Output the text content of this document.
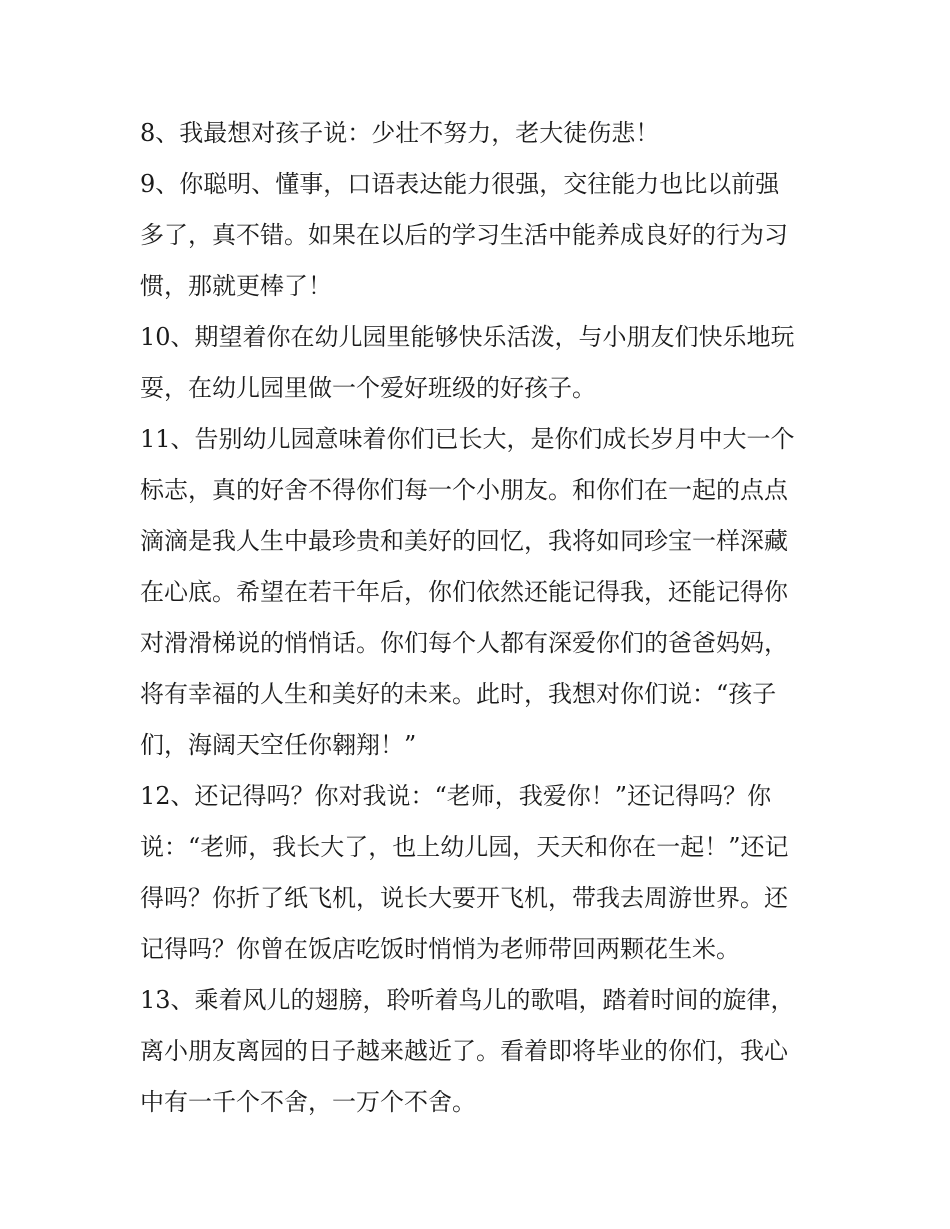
8、我最想对孩子说：少壮不努力，老大徒伤悲！
9、你聪明、懂事，口语表达能力很强，交往能力也比以前强
多了，真不错。如果在以后的学习生活中能养成良好的行为习
惯，那就更棒了！
10、期望着你在幼儿园里能够快乐活泼，与小朋友们快乐地玩
耍，在幼儿园里做一个爱好班级的好孩子。
11、告别幼儿园意味着你们已长大，是你们成长岁月中大一个
标志，真的好舍不得你们每一个小朋友。和你们在一起的点点
滴滴是我人生中最珍贵和美好的回忆，我将如同珍宝一样深藏
在心底。希望在若干年后，你们依然还能记得我，还能记得你
对滑滑梯说的悄悄话。你们每个人都有深爱你们的爸爸妈妈，
将有幸福的人生和美好的未来。此时，我想对你们说：“孩子
们，海阔天空任你翱翔！”
12、还记得吗？你对我说：“老师，我爱你！”还记得吗？你
说：“老师，我长大了，也上幼儿园，天天和你在一起！”还记
得吗？你折了纸飞机，说长大要开飞机，带我去周游世界。还
记得吗？你曾在饭店吃饭时悄悄为老师带回两颗花生米。
13、乘着风儿的翅膀，聆听着鸟儿的歌唱，踏着时间的旋律，
离小朋友离园的日子越来越近了。看着即将毕业的你们，我心
中有一千个不舍，一万个不舍。
